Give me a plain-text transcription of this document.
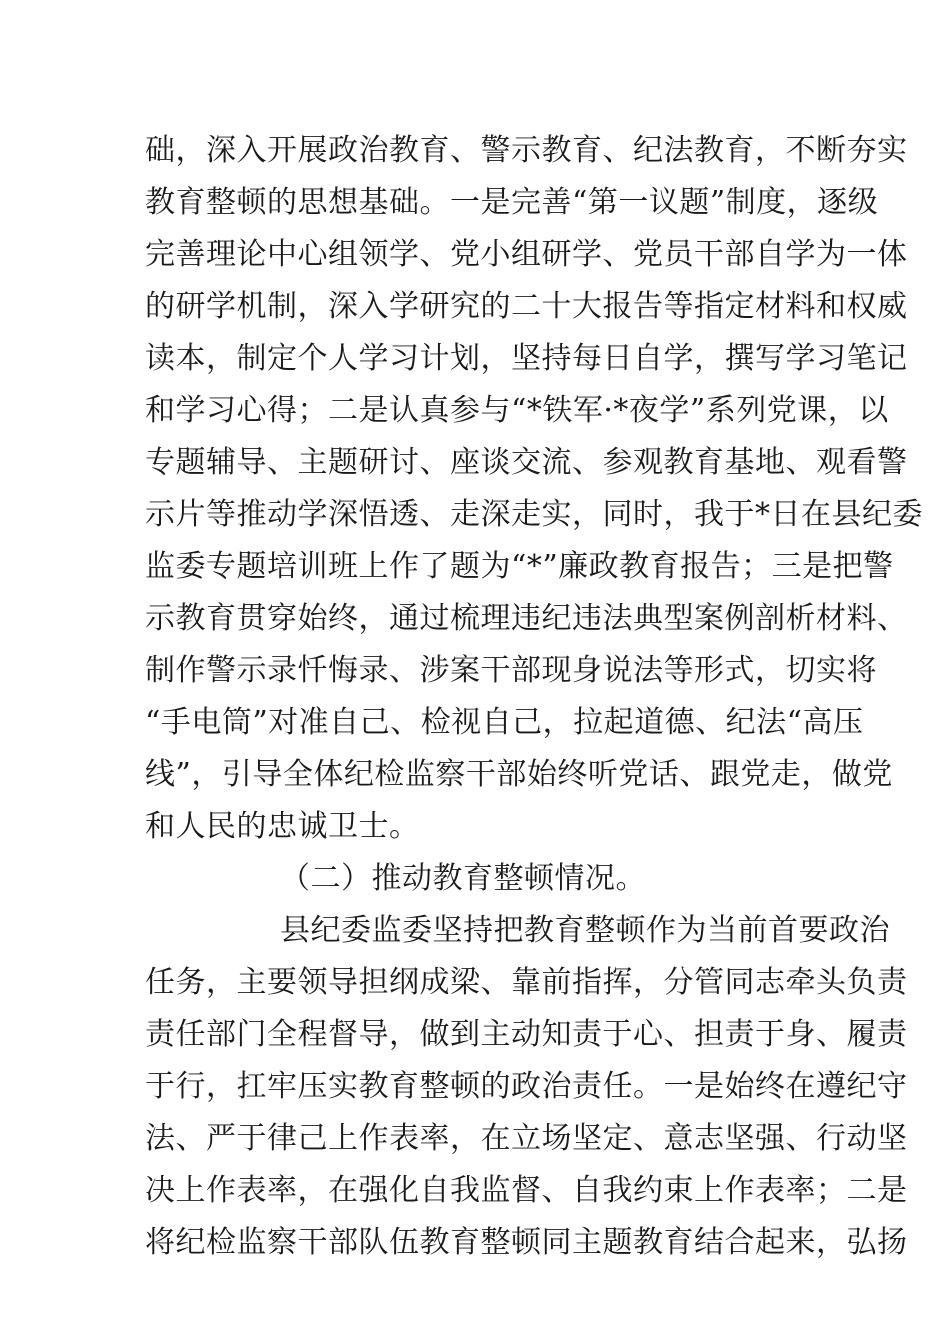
础，深入开展政治教育、警示教育、纪法教育，不断夯实
教育整顿的思想基础。一是完善“第一议题”制度，逐级
完善理论中心组领学、党小组研学、党员干部自学为一体
的研学机制，深入学研究的二十大报告等指定材料和权威
读本，制定个人学习计划，坚持每日自学，撰写学习笔记
和学习心得；二是认真参与“*铁军·*夜学”系列党课，以
专题辅导、主题研讨、座谈交流、参观教育基地、观看警
示片等推动学深悟透、走深走实，同时，我于*日在县纪委
监委专题培训班上作了题为“*”廉政教育报告；三是把警
示教育贯穿始终，通过梳理违纪违法典型案例剖析材料、
制作警示录忏悔录、涉案干部现身说法等形式，切实将
“手电筒”对准自己、检视自己，拉起道德、纪法“高压
线”，引导全体纪检监察干部始终听党话、跟党走，做党
和人民的忠诚卫士。
（二）推动教育整顿情况。
县纪委监委坚持把教育整顿作为当前首要政治
任务，主要领导担纲成梁、靠前指挥，分管同志牵头负责
责任部门全程督导，做到主动知责于心、担责于身、履责
于行，扛牢压实教育整顿的政治责任。一是始终在遵纪守
法、严于律己上作表率，在立场坚定、意志坚强、行动坚
决上作表率，在强化自我监督、自我约束上作表率；二是
将纪检监察干部队伍教育整顿同主题教育结合起来，弘扬
